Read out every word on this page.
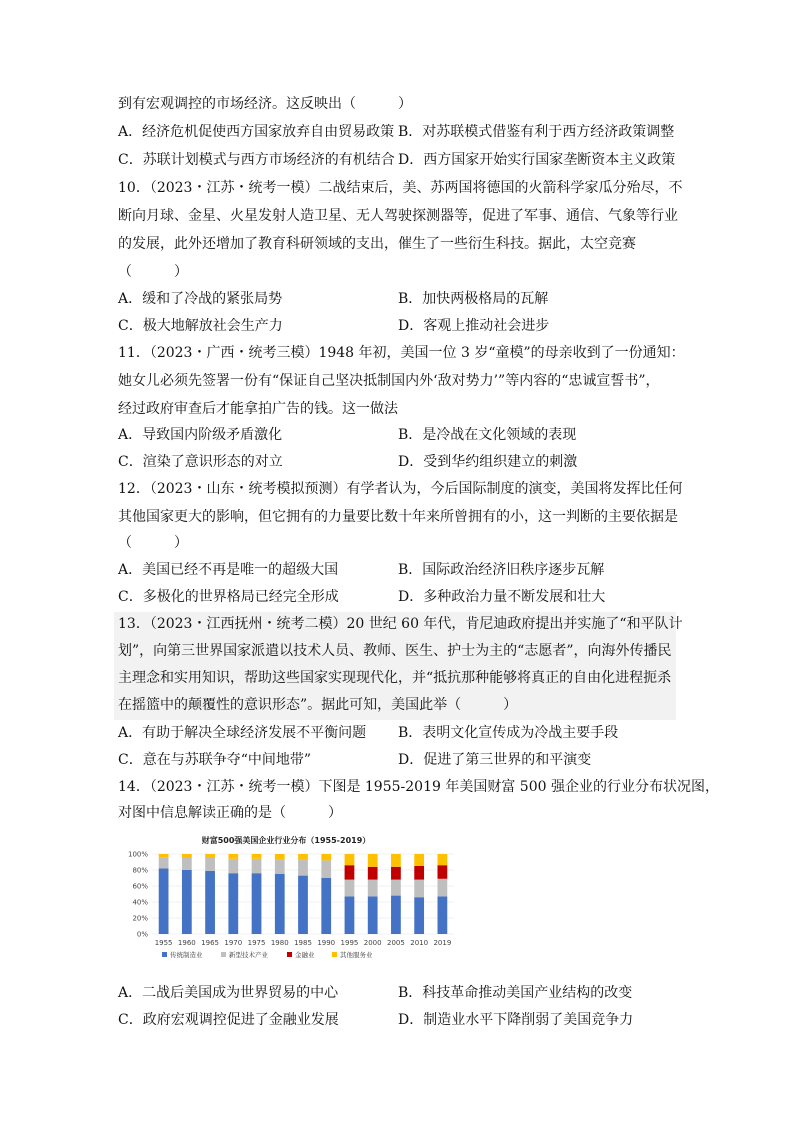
到有宏观调控的市场经济。这反映出（　　　）
A．经济危机促使西方国家放弃自由贸易政策 B．对苏联模式借鉴有利于西方经济政策调整
C．苏联计划模式与西方市场经济的有机结合 D．西方国家开始实行国家垄断资本主义政策
10．（2023・江苏・统考一模）二战结束后，美、苏两国将德国的火箭科学家瓜分殆尽，不
断向月球、金星、火星发射人造卫星、无人驾驶探测器等，促进了军事、通信、气象等行业
的发展，此外还增加了教育科研领域的支出，催生了一些衍生科技。据此，太空竞赛
（　　　）
A．缓和了冷战的紧张局势	B．加快两极格局的瓦解
C．极大地解放社会生产力	D．客观上推动社会进步
11．（2023・广西・统考三模）1948 年初，美国一位 3 岁“童模”的母亲收到了一份通知：
她女儿必须先签署一份有“保证自己坚决抵制国内外‘敌对势力’”等内容的“忠诚宣誓书”，
经过政府审查后才能拿拍广告的钱。这一做法
A．导致国内阶级矛盾激化	B．是冷战在文化领域的表现
C．渲染了意识形态的对立	D．受到华约组织建立的刺激
12．（2023・山东・统考模拟预测）有学者认为，今后国际制度的演变，美国将发挥比任何
其他国家更大的影响，但它拥有的力量要比数十年来所曾拥有的小，这一判断的主要依据是
（　　　）
A．美国已经不再是唯一的超级大国	B．国际政治经济旧秩序逐步瓦解
C．多极化的世界格局已经完全形成	D．多种政治力量不断发展和壮大
13．（2023・江西抚州・统考二模）20 世纪 60 年代，肯尼迪政府提出并实施了“和平队计
划”，向第三世界国家派遣以技术人员、教师、医生、护士为主的“志愿者”，向海外传播民
主理念和实用知识，帮助这些国家实现现代化，并“抵抗那种能够将真正的自由化进程扼杀
在摇篮中的颠覆性的意识形态”。据此可知，美国此举（　　　）
A．有助于解决全球经济发展不平衡问题 B．表明文化宣传成为冷战主要手段
C．意在与苏联争夺“中间地带”	D．促进了第三世界的和平演变
14．（2023・江苏・统考一模）下图是 1955-2019 年美国财富 500 强企业的行业分布状况图，
对图中信息解读正确的是（　　　）
财富500强美国企业行业分布（1955-2019）
0%
20%
40%
60%
80%
100%
1955 1960 1965 1970 1975 1980 1985 1990 1995 2000 2005 2010 2019
传统制造业	新型技术产业	金融业	其他服务业
A．二战后美国成为世界贸易的中心	B．科技革命推动美国产业结构的改变
C．政府宏观调控促进了金融业发展	D．制造业水平下降削弱了美国竞争力
